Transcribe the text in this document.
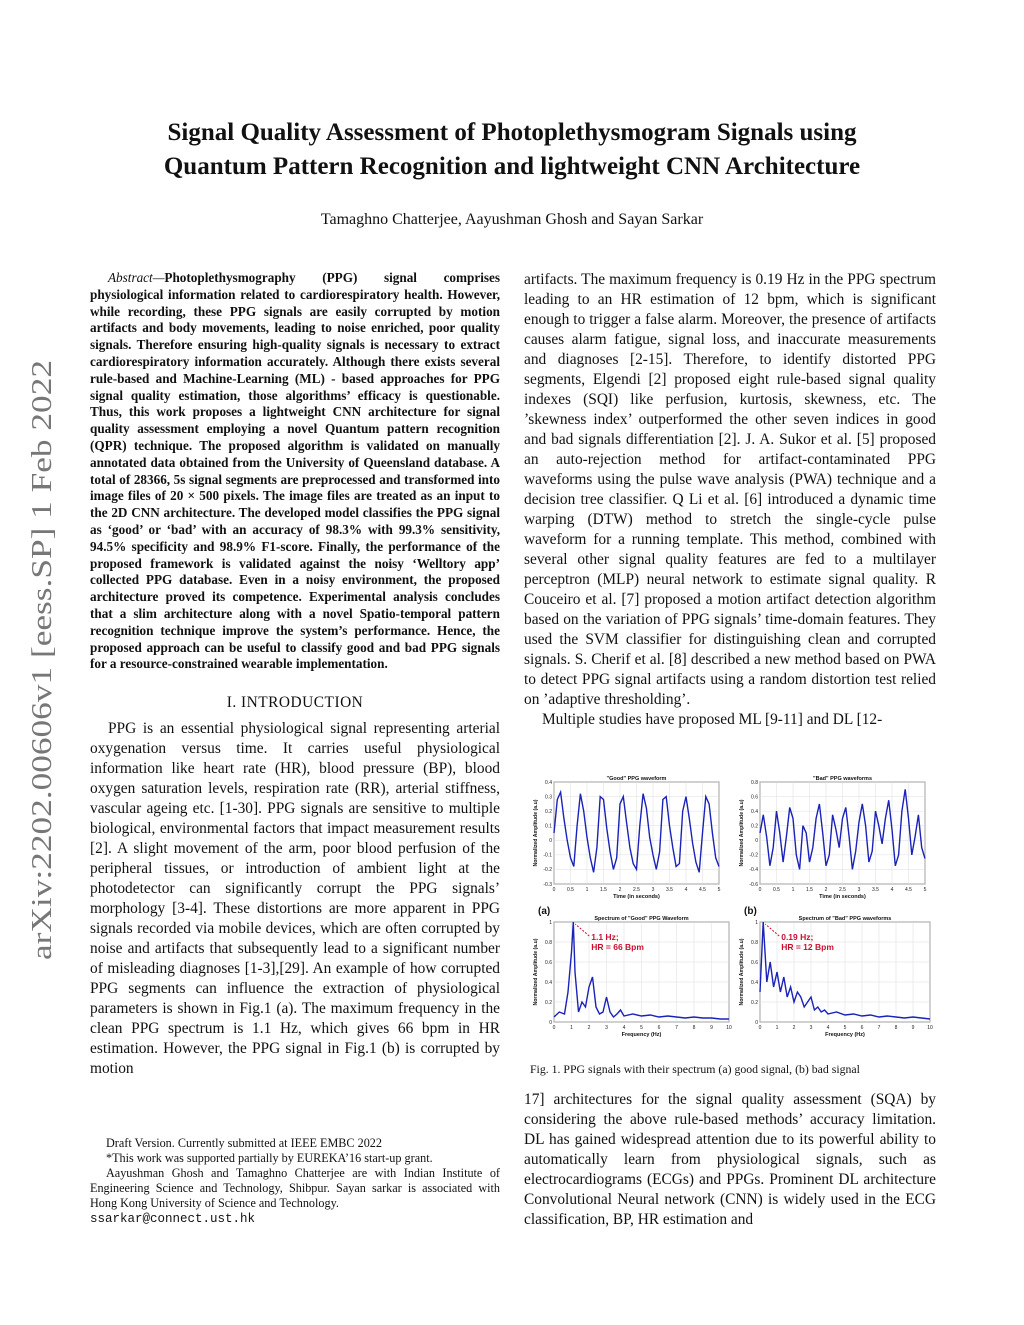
Signal Quality Assessment of Photoplethysmogram Signals using
Quantum Pattern Recognition and lightweight CNN Architecture

Tamaghno Chatterjee, Aayushman Ghosh and Sayan Sarkar

arXiv:2202.00606v1 [eess.SP] 1 Feb 2022

Abstract—Photoplethysmography (PPG) signal comprises physiological information related to cardiorespiratory health. However, while recording, these PPG signals are easily corrupted by motion artifacts and body movements, leading to noise enriched, poor quality signals. Therefore ensuring high-quality signals is necessary to extract cardiorespiratory information accurately. Although there exists several rule-based and Machine-Learning (ML) - based approaches for PPG signal quality estimation, those algorithms’ efficacy is questionable. Thus, this work proposes a lightweight CNN architecture for signal quality assessment employing a novel Quantum pattern recognition (QPR) technique. The proposed algorithm is validated on manually annotated data obtained from the University of Queensland database. A total of 28366, 5s signal segments are preprocessed and transformed into image files of 20 × 500 pixels. The image files are treated as an input to the 2D CNN architecture. The developed model classifies the PPG signal as ‘good’ or ‘bad’ with an accuracy of 98.3% with 99.3% sensitivity, 94.5% specificity and 98.9% F1-score. Finally, the performance of the proposed framework is validated against the noisy ‘Welltory app’ collected PPG database. Even in a noisy environment, the proposed architecture proved its competence. Experimental analysis concludes that a slim architecture along with a novel Spatio-temporal pattern recognition technique improve the system’s performance. Hence, the proposed approach can be useful to classify good and bad PPG signals for a resource-constrained wearable implementation.

I. INTRODUCTION

PPG is an essential physiological signal representing arterial oxygenation versus time. It carries useful physiological information like heart rate (HR), blood pressure (BP), blood oxygen saturation levels, respiration rate (RR), arterial stiffness, vascular ageing etc. [1-30]. PPG signals are sensitive to multiple biological, environmental factors that impact measurement results [2]. A slight movement of the arm, poor blood perfusion of the peripheral tissues, or introduction of ambient light at the photodetector can significantly corrupt the PPG signals’ morphology [3-4]. These distortions are more apparent in PPG signals recorded via mobile devices, which are often corrupted by noise and artifacts that subsequently lead to a significant number of misleading diagnoses [1-3],[29]. An example of how corrupted PPG segments can influence the extraction of physiological parameters is shown in Fig.1 (a). The maximum frequency in the clean PPG spectrum is 1.1 Hz, which gives 66 bpm in HR estimation. However, the PPG signal in Fig.1 (b) is corrupted by motion

Draft Version. Currently submitted at IEEE EMBC 2022

*This work was supported partially by EUREKA’16 start-up grant.

Aayushman Ghosh and Tamaghno Chatterjee are with Indian Institute of Engineering Science and Technology, Shibpur. Sayan sarkar is associated with Hong Kong University of Science and Technology.

ssarkar@connect.ust.hk

artifacts. The maximum frequency is 0.19 Hz in the PPG spectrum leading to an HR estimation of 12 bpm, which is significant enough to trigger a false alarm. Moreover, the presence of artifacts causes alarm fatigue, signal loss, and inaccurate measurements and diagnoses [2-15]. Therefore, to identify distorted PPG segments, Elgendi [2] proposed eight rule-based signal quality indexes (SQI) like perfusion, kurtosis, skewness, etc. The ’skewness index’ outperformed the other seven indices in good and bad signals differentiation [2]. J. A. Sukor et al. [5] proposed an auto-rejection method for artifact-contaminated PPG waveforms using the pulse wave analysis (PWA) technique and a decision tree classifier. Q Li et al. [6] introduced a dynamic time warping (DTW) method to stretch the single-cycle pulse waveform for a running template. This method, combined with several other signal quality features are fed to a multilayer perceptron (MLP) neural network to estimate signal quality. R Couceiro et al. [7] proposed a motion artifact detection algorithm based on the variation of PPG signals’ time-domain features. They used the SVM classifier for distinguishing clean and corrupted signals. S. Cherif et al. [8] described a new method based on PWA to detect PPG signal artifacts using a random distortion test relied on ’adaptive thresholding’.

Multiple studies have proposed ML [9-11] and DL [12-

0 0.5 1 1.5 2 2.5 3 3.5 4 4.5 5
-0.3
-0.2
-0.1
0
0.1
0.2
0.3
0.4
"Good" PPG waveform
Time (in seconds)
Normalized Amplitude (a.u)
(a)
0 0.5 1 1.5 2 2.5 3 3.5 4 4.5 5
-0.6
-0.4
-0.2
0
0.2
0.4
0.6
0.8
"Bad" PPG waveforms
Time (in seconds)
Normalized Amplitude (a.u)
(b)
0	1	2	3	4	5	6	7	8	9	10
0
0.2
0.4
0.6
0.8
1
Spectrum of "Good" PPG Waveform
Frequency (Hz)
Normalized Amplitude (a.u)
1.1 Hz;
HR = 66 Bpm
0	1	2	3	4	5	6	7	8	9	10
0
0.2
0.4
0.6
0.8
1
Spectrum of "Bad" PPG waveforms
Frequency (Hz)
Normalized Amplitude (a.u)
0.19 Hz;
HR = 12 Bpm
Fig. 1. PPG signals with their spectrum (a) good signal, (b) bad signal
17] architectures for the signal quality assessment (SQA) by considering the above rule-based methods’ accuracy limitation. DL has gained widespread attention due to its powerful ability to automatically learn from physiological signals, such as electrocardiograms (ECGs) and PPGs. Prominent DL architecture Convolutional Neural network (CNN) is widely used in the ECG classification, BP, HR estimation and
